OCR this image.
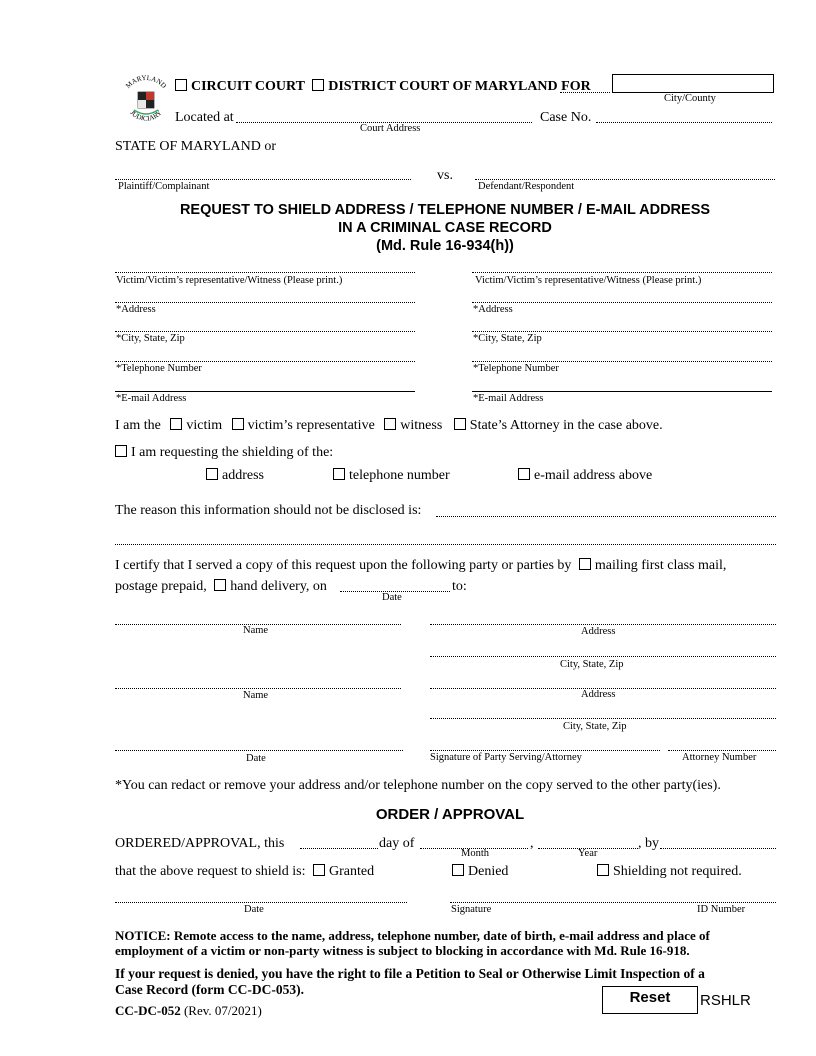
MARYLAND
JUDICIARY
CIRCUIT COURT DISTRICT COURT OF MARYLAND FOR
City/County
Located at
Court Address
Case No.
STATE OF MARYLAND or
Plaintiff/Complainant
vs.
Defendant/Respondent
REQUEST TO SHIELD ADDRESS / TELEPHONE NUMBER / E-MAIL ADDRESS
IN A CRIMINAL CASE RECORD
(Md. Rule 16-934(h))
Victim/Victim’s representative/Witness (Please print.)
*Address
*City, State, Zip
*Telephone Number
*E-mail Address
Victim/Victim’s representative/Witness (Please print.)
*Address
*City, State, Zip
*Telephone Number
*E-mail Address
I am the victim victim’s representative witness State’s Attorney in the case above.
I am requesting the shielding of the:
address	telephone number	e-mail address above
The reason this information should not be disclosed is:
I certify that I served a copy of this request upon the following party or parties by mailing first class mail,
postage prepaid, hand delivery, on
Date
to:
Name	Address
City, State, Zip
Name	Address
City, State, Zip
Date	Signature of Party Serving/Attorney	Attorney Number
*You can redact or remove your address and/or telephone number on the copy served to the other party(ies).
ORDER / APPROVAL
ORDERED/APPROVAL, this	day of
Month
,
Year
, by
that the above request to shield is: Granted	Denied	Shielding not required.
Date	Signature	ID Number
NOTICE: Remote access to the name, address, telephone number, date of birth, e-mail address and place of
employment of a victim or non-party witness is subject to blocking in accordance with Md. Rule 16-918.
If your request is denied, you have the right to file a Petition to Seal or Otherwise Limit Inspection of a
Case Record (form CC-DC-053).
CC-DC-052 (Rev. 07/2021)
Reset	RSHLR
